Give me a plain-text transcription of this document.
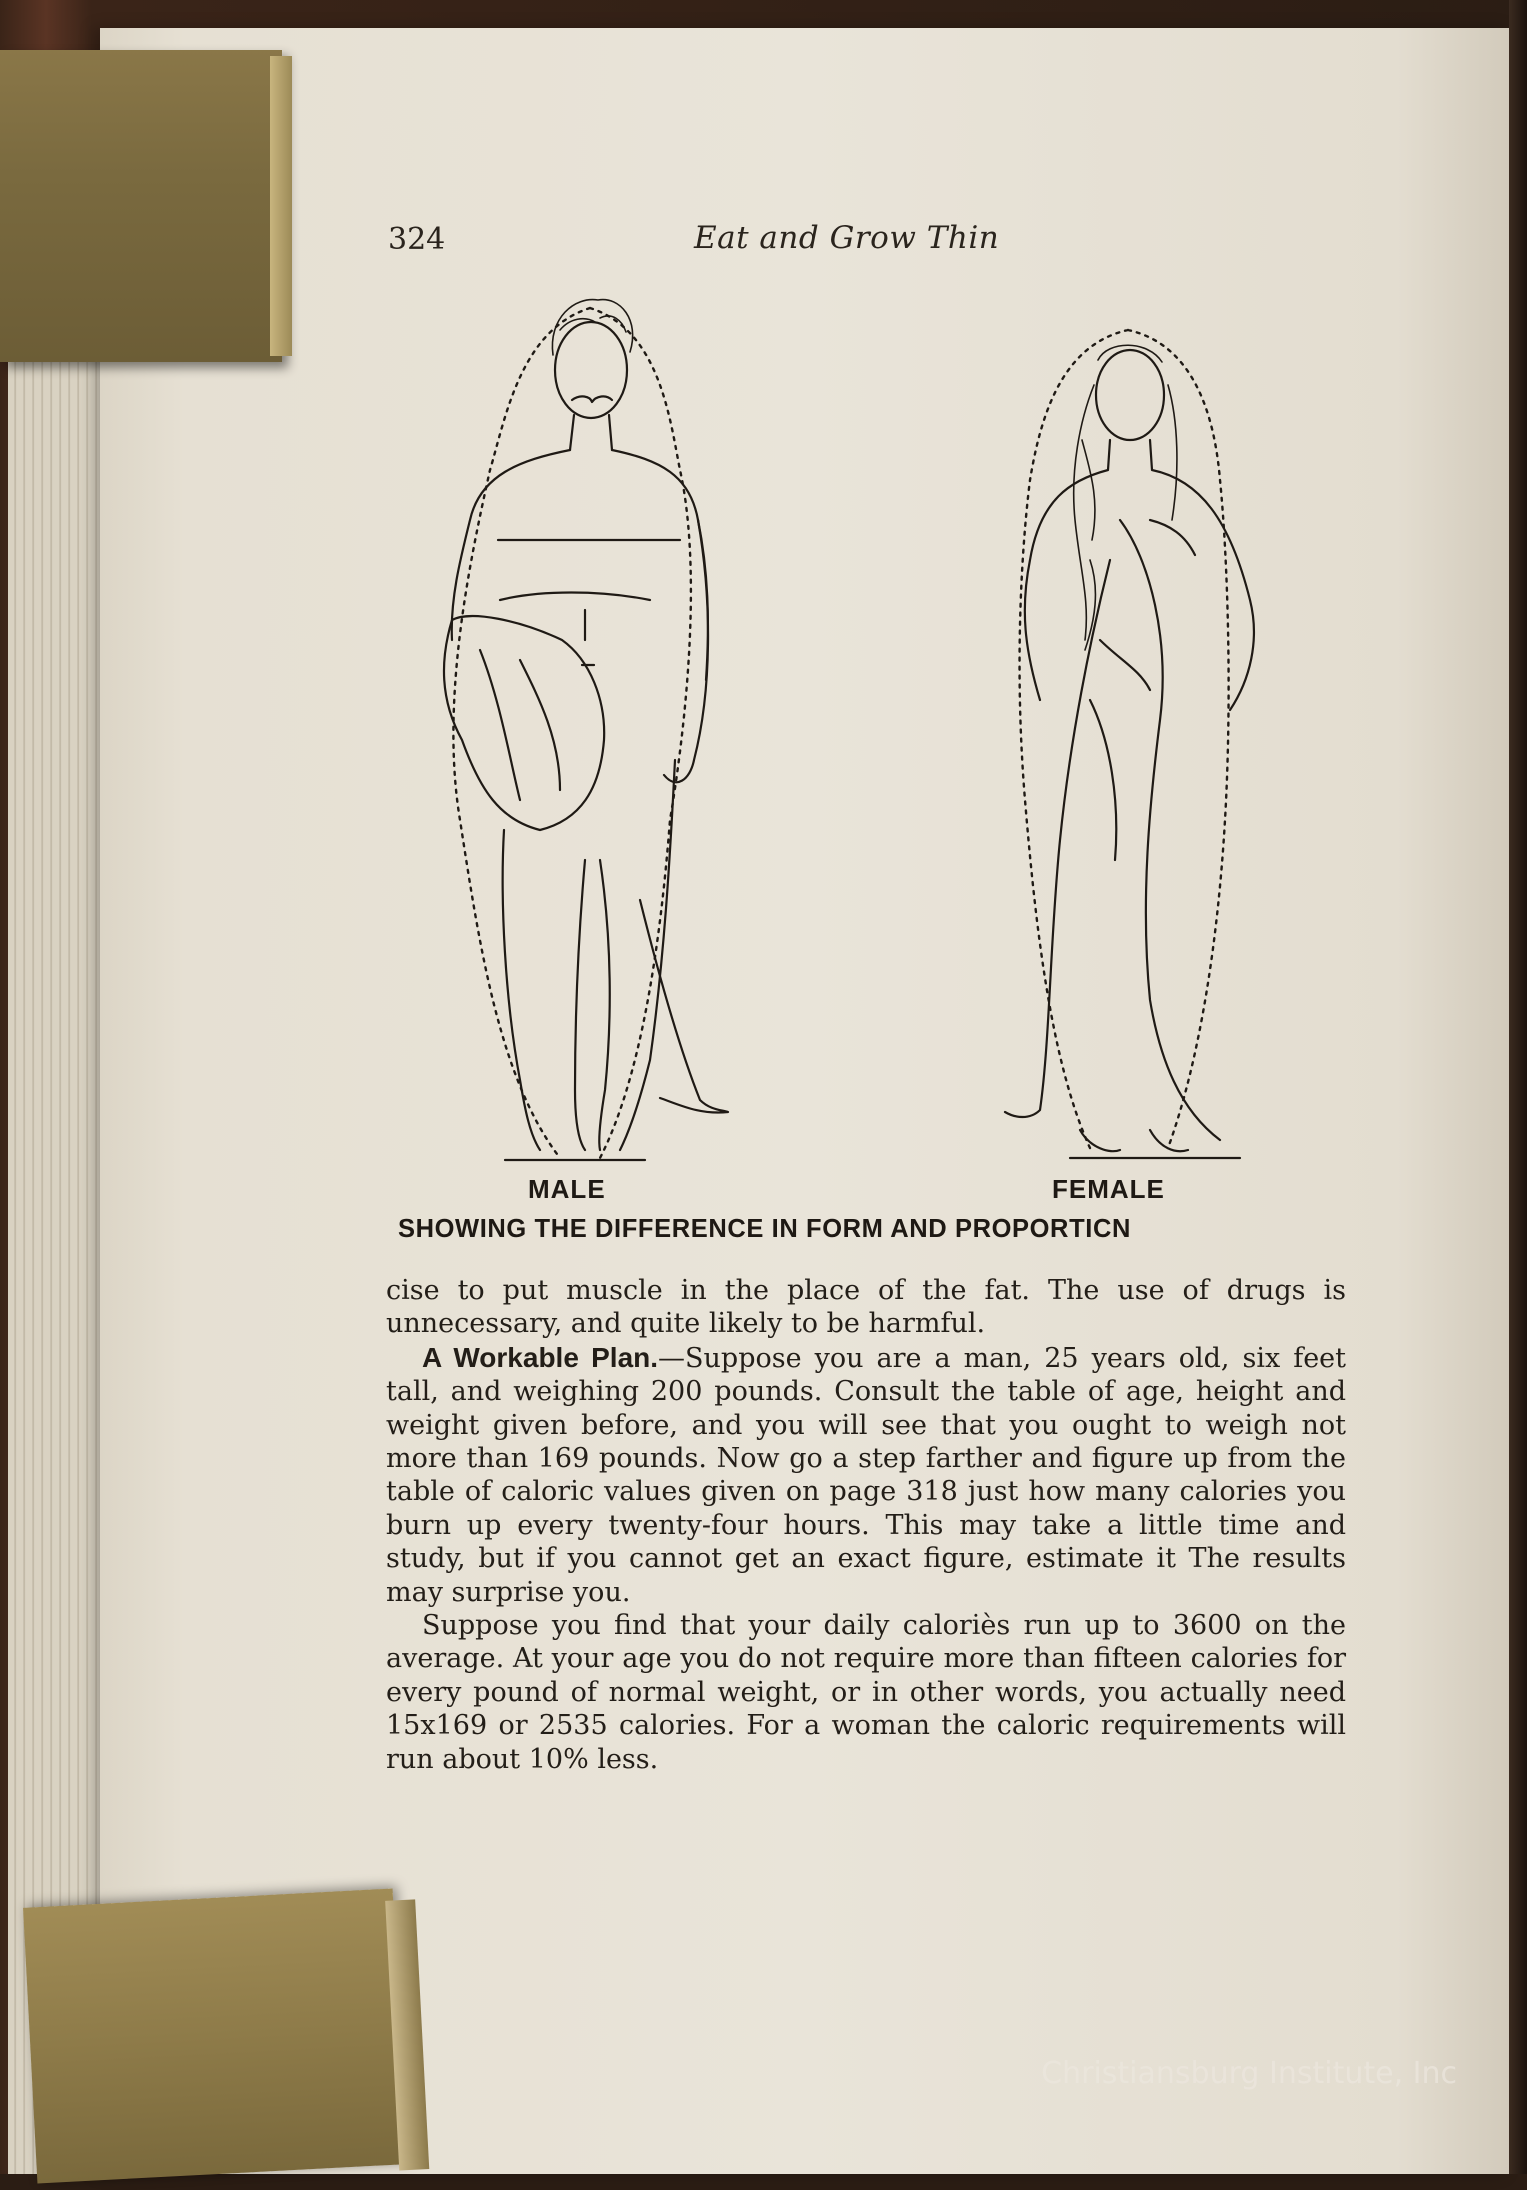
324	Eat and Grow Thin
MALE	FEMALE
SHOWING THE DIFFERENCE IN FORM AND PROPORTICN

cise to put muscle in the place of the fat. The use of drugs is unnecessary, and quite likely to be harmful.

A Workable Plan.—Suppose you are a man, 25 years old, six feet tall, and weighing 200 pounds. Consult the table of age, height and weight given before, and you will see that you ought to weigh not more than 169 pounds. Now go a step farther and figure up from the table of caloric values given on page 318 just how many calories you burn up every twenty-four hours. This may take a little time and study, but if you cannot get an exact figure, estimate it The results may surprise you.

Suppose you find that your daily caloriès run up to 3600 on the average. At your age you do not require more than fifteen calories for every pound of normal weight, or in other words, you actually need 15x169 or 2535 calories. For a woman the caloric requirements will run about 10% less.

Christiansburg Institute, Inc
